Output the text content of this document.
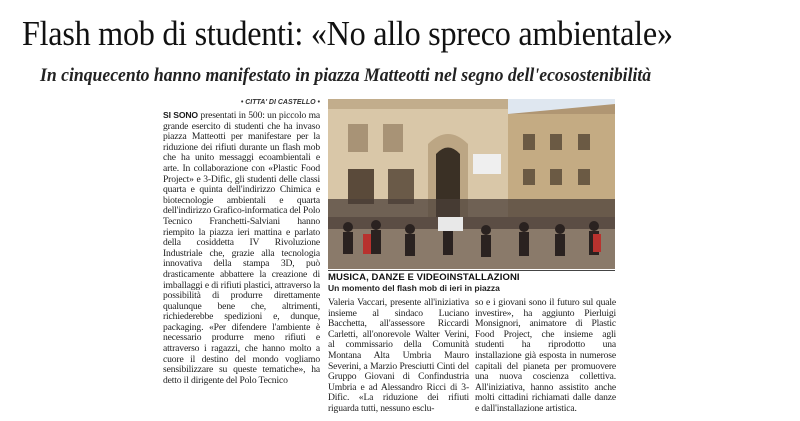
Flash mob di studenti: «No allo spreco ambientale»
In cinquecento hanno manifestato in piazza Matteotti nel segno dell'ecosostenibilità
• CITTA' DI CASTELLO •
SI SONO presentati in 500: un piccolo ma grande esercito di studenti che ha invaso piazza Matteotti per manifestare per la riduzione dei rifiuti durante un flash mob che ha unito messaggi ecoambientali e arte. In collaborazione con «Plastic Food Project» e 3-Dific, gli studenti delle classi quarta e quinta dell'indirizzo Chimica e biotecnologie ambientali e quarta dell'indirizzo Grafico-informatica del Polo Tecnico Franchetti-Salviani hanno riempito la piazza ieri mattina e parlato della cosiddetta IV Rivoluzione Industriale che, grazie alla tecnologia innovativa della stampa 3D, può drasticamente abbattere la creazione di imballaggi e di rifiuti plastici, attraverso la possibilità di produrre direttamente qualunque bene che, altrimenti, richiederebbe spedizioni e, dunque, packaging. «Per difendere l'ambiente è necessario produrre meno rifiuti e attraverso i ragazzi, che hanno molto a cuore il destino del mondo vogliamo sensibilizzare su queste tematiche», ha detto il dirigente del Polo Tecnico
MUSICA, DANZE E VIDEOINSTALLAZIONI
Un momento del flash mob di ieri in piazza
Valeria Vaccari, presente all'iniziativa insieme al sindaco Luciano Bacchetta, all'assessore Riccardi Carletti, all'onorevole Walter Verini, al commissario della Comunità Montana Alta Umbria Mauro Severini, a Marzio Presciutti Cinti del Gruppo Giovani di Confindustria Umbria e ad Alessandro Ricci di 3-Dific. «La riduzione dei rifiuti riguarda tutti, nessuno esclu-
so e i giovani sono il futuro sul quale investire», ha aggiunto Pierluigi Monsignori, animatore di Plastic Food Project, che insieme agli studenti ha riprodotto una installazione già esposta in numerose capitali del pianeta per promuovere una nuova coscienza collettiva. All'iniziativa, hanno assistito anche molti cittadini richiamati dalle danze e dall'installazione artistica.
